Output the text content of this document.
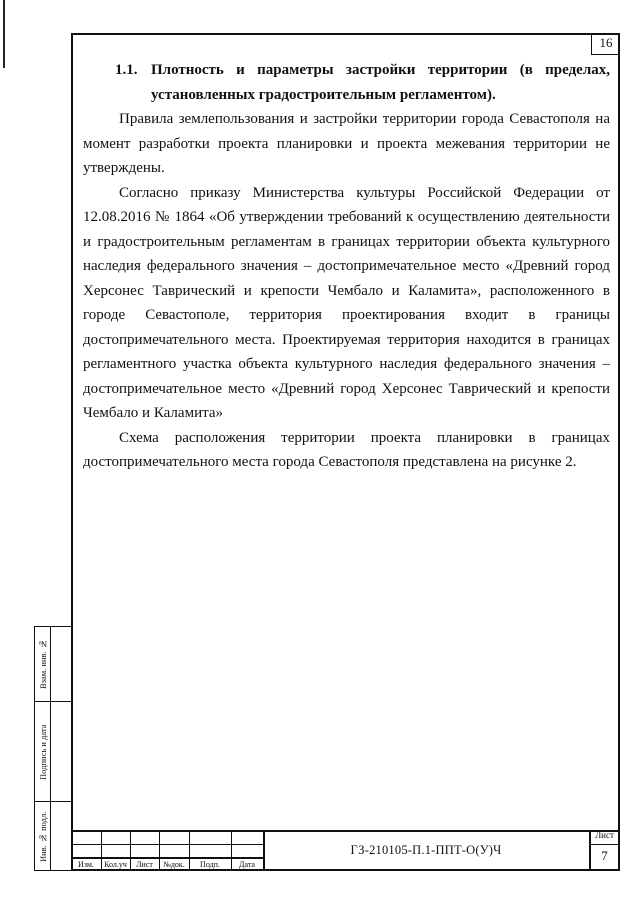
16
1.1. Плотность и параметры застройки территории (в пределах,
установленных градостроительным регламентом).

Правила землепользования и застройки территории города Севастополя на момент разработки проекта планировки и проекта межевания территории не утверждены.

Согласно приказу Министерства культуры Российской Федерации от 12.08.2016 № 1864 «Об утверждении требований к осуществлению деятельности и градостроительным регламентам в границах территории объекта культурного наследия федерального значения – достопримечательное место «Древний город Херсонес Таврический и крепости Чембало и Каламита», расположенного в городе Севастополе, территория проектирования входит в границы достопримечательного места. Проектируемая территория находится в границах регламентного участка объекта культурного наследия федерального значения – достопримечательное место «Древний город Херсонес Таврический и крепости Чембало и Каламита»

Схема расположения территории проекта планировки в границах достопримечательного места города Севастополя представлена на рисунке 2.

Взам. инв. №
Подпись и дата
Инв. № подл.
Изм.	Кол.уч	Лист	№док.	Подп.	Дата
ГЗ-210105-П.1-ППТ-О(У)Ч
Лист
7
